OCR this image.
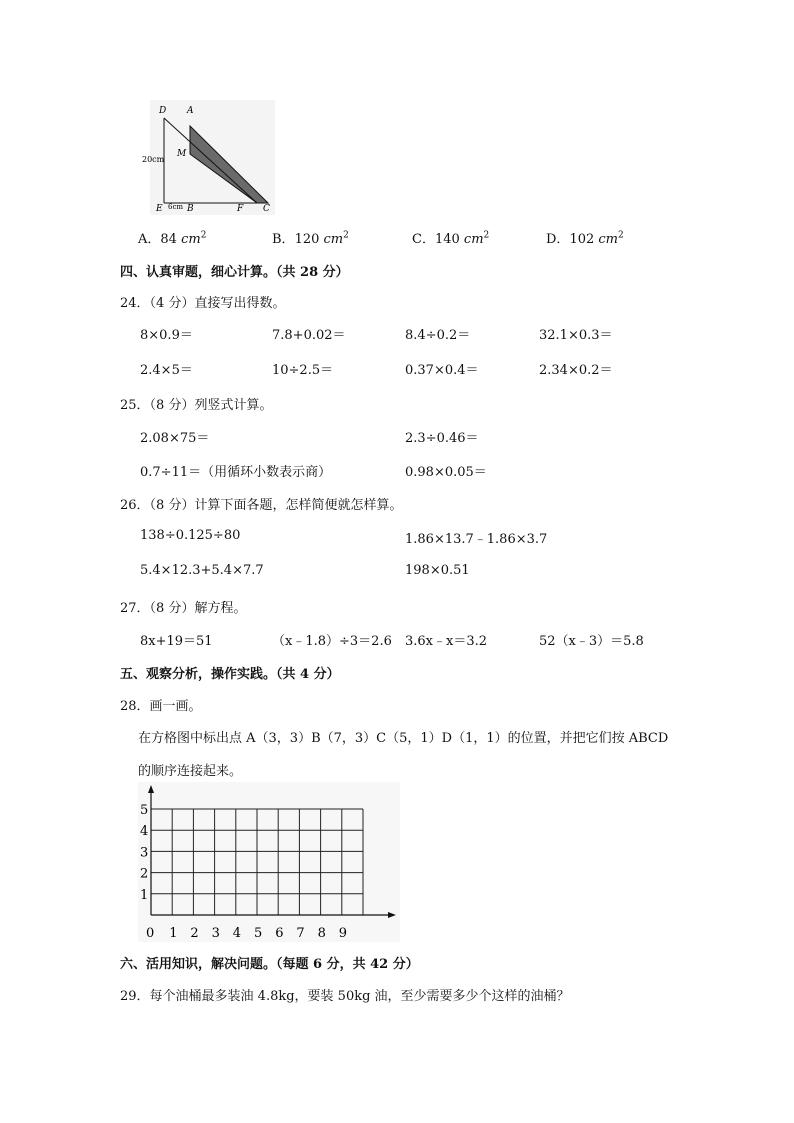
D A
M
20cm
E 6cm B	F C
A．84 $cm^2$	B．120 $cm^2$	C．140 $cm^2$	D．102 $cm^2$
四、认真审题，细心计算。（共 28 分）
24．（4 分）直接写出得数。
8×0.9＝	7.8+0.02＝	8.4÷0.2＝	32.1×0.3＝
2.4×5＝	10÷2.5＝	0.37×0.4＝	2.34×0.2＝
25．（8 分）列竖式计算。
2.08×75＝	2.3÷0.46＝
0.7÷11＝（用循环小数表示商）	0.98×0.05＝
26．（8 分）计算下面各题，怎样简便就怎样算。
138÷0.125÷80	1.86×13.7﹣1.86×3.7
5.4×12.3+5.4×7.7	198×0.51
27．（8 分）解方程。
8x+19＝51	（x﹣1.8）÷3＝2.6 3.6x﹣x＝3.2	52（x﹣3）＝5.8
五、观察分析，操作实践。（共 4 分）
28．画一画。
在方格图中标出点 A（3，3）B（7，3）C（5，1）D（1，1）的位置，并把它们按 ABCD
的顺序连接起来。
0 1 2 3 4 5 6 7 8 9
1
2
3
4
5
六、活用知识，解决问题。（每题 6 分，共 42 分）
29．每个油桶最多装油 4.8kg，要装 50kg 油，至少需要多少个这样的油桶？
